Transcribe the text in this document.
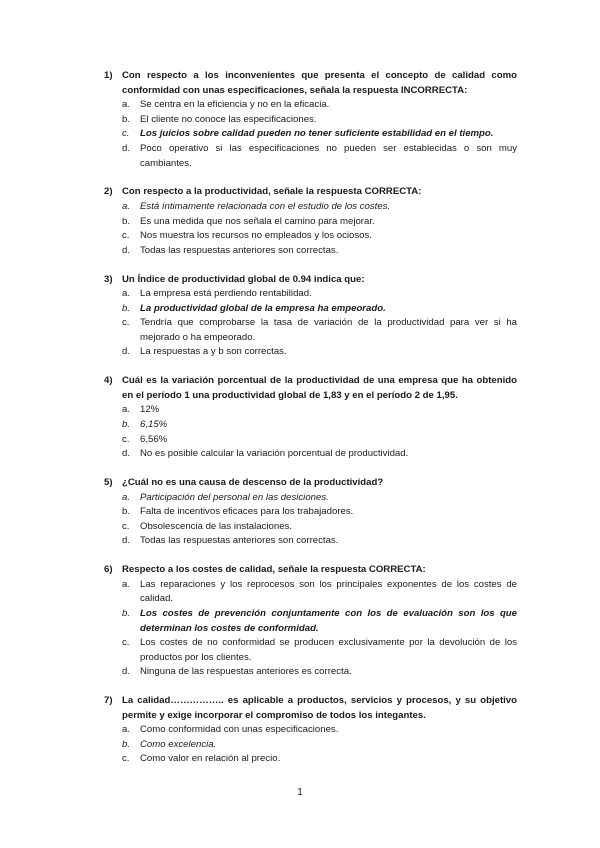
1) Con respecto a los inconvenientes que presenta el concepto de calidad como conformidad con unas especificaciones, señala la respuesta INCORRECTA:
a.	Se centra en la eficiencia y no en la eficacia.
b.	El cliente no conoce las especificaciones.
c.	Los juicios sobre calidad pueden no tener suficiente estabilidad en el tiempo.
d.	Poco operativo si las especificaciones no pueden ser establecidas o son muy cambiantes.
2) Con respecto a la productividad, señale la respuesta CORRECTA:
a.	Está íntimamente relacionada con el estudio de los costes.
b.	Es una medida que nos señala el camino para mejorar.
c.	Nos muestra los recursos no empleados y los ociosos.
d.	Todas las respuestas anteriores son correctas.
3) Un Índice de productividad global de 0.94 indica que:
a.	La empresa está perdiendo rentabilidad.
b.	La productividad global de la empresa ha empeorado.
c.	Tendría que comprobarse la tasa de variación de la productividad para ver si ha mejorado o ha empeorado.
d.	La respuestas a y b son correctas.
4) Cuál es la variación porcentual de la productividad de una empresa que ha obtenido en el período 1 una productividad global de 1,83 y en el período 2 de 1,95.
a.	12%
b.	6,15%
c.	6,56%
d.	No es posible calcular la variación porcentual de productividad.
5) ¿Cuál no es una causa de descenso de la productividad?
a.	Participación del personal en las desiciones.
b.	Falta de incentivos eficaces para los trabajadores.
c.	Obsolescencia de las instalaciones.
d.	Todas las respuestas anteriores son correctas.
6) Respecto a los costes de calidad, señale la respuesta CORRECTA:
a.	Las reparaciones y los reprocesos son los principales exponentes de los costes de calidad.
b.	Los costes de prevención conjuntamente con los de evaluación son los que determinan los costes de conformidad.
c.	Los costes de no conformidad se producen exclusivamente por la devolución de los productos por los clientes.
d.	Ninguna de las respuestas anteriores es correcta.
7) La calidad…………….. es aplicable a productos, servicios y procesos, y su objetivo permite y exige incorporar el compromiso de todos los integantes.
a.	Como conformidad con unas especificaciones.
b.	Como excelencia.
c.	Como valor en relación al precio.
1
